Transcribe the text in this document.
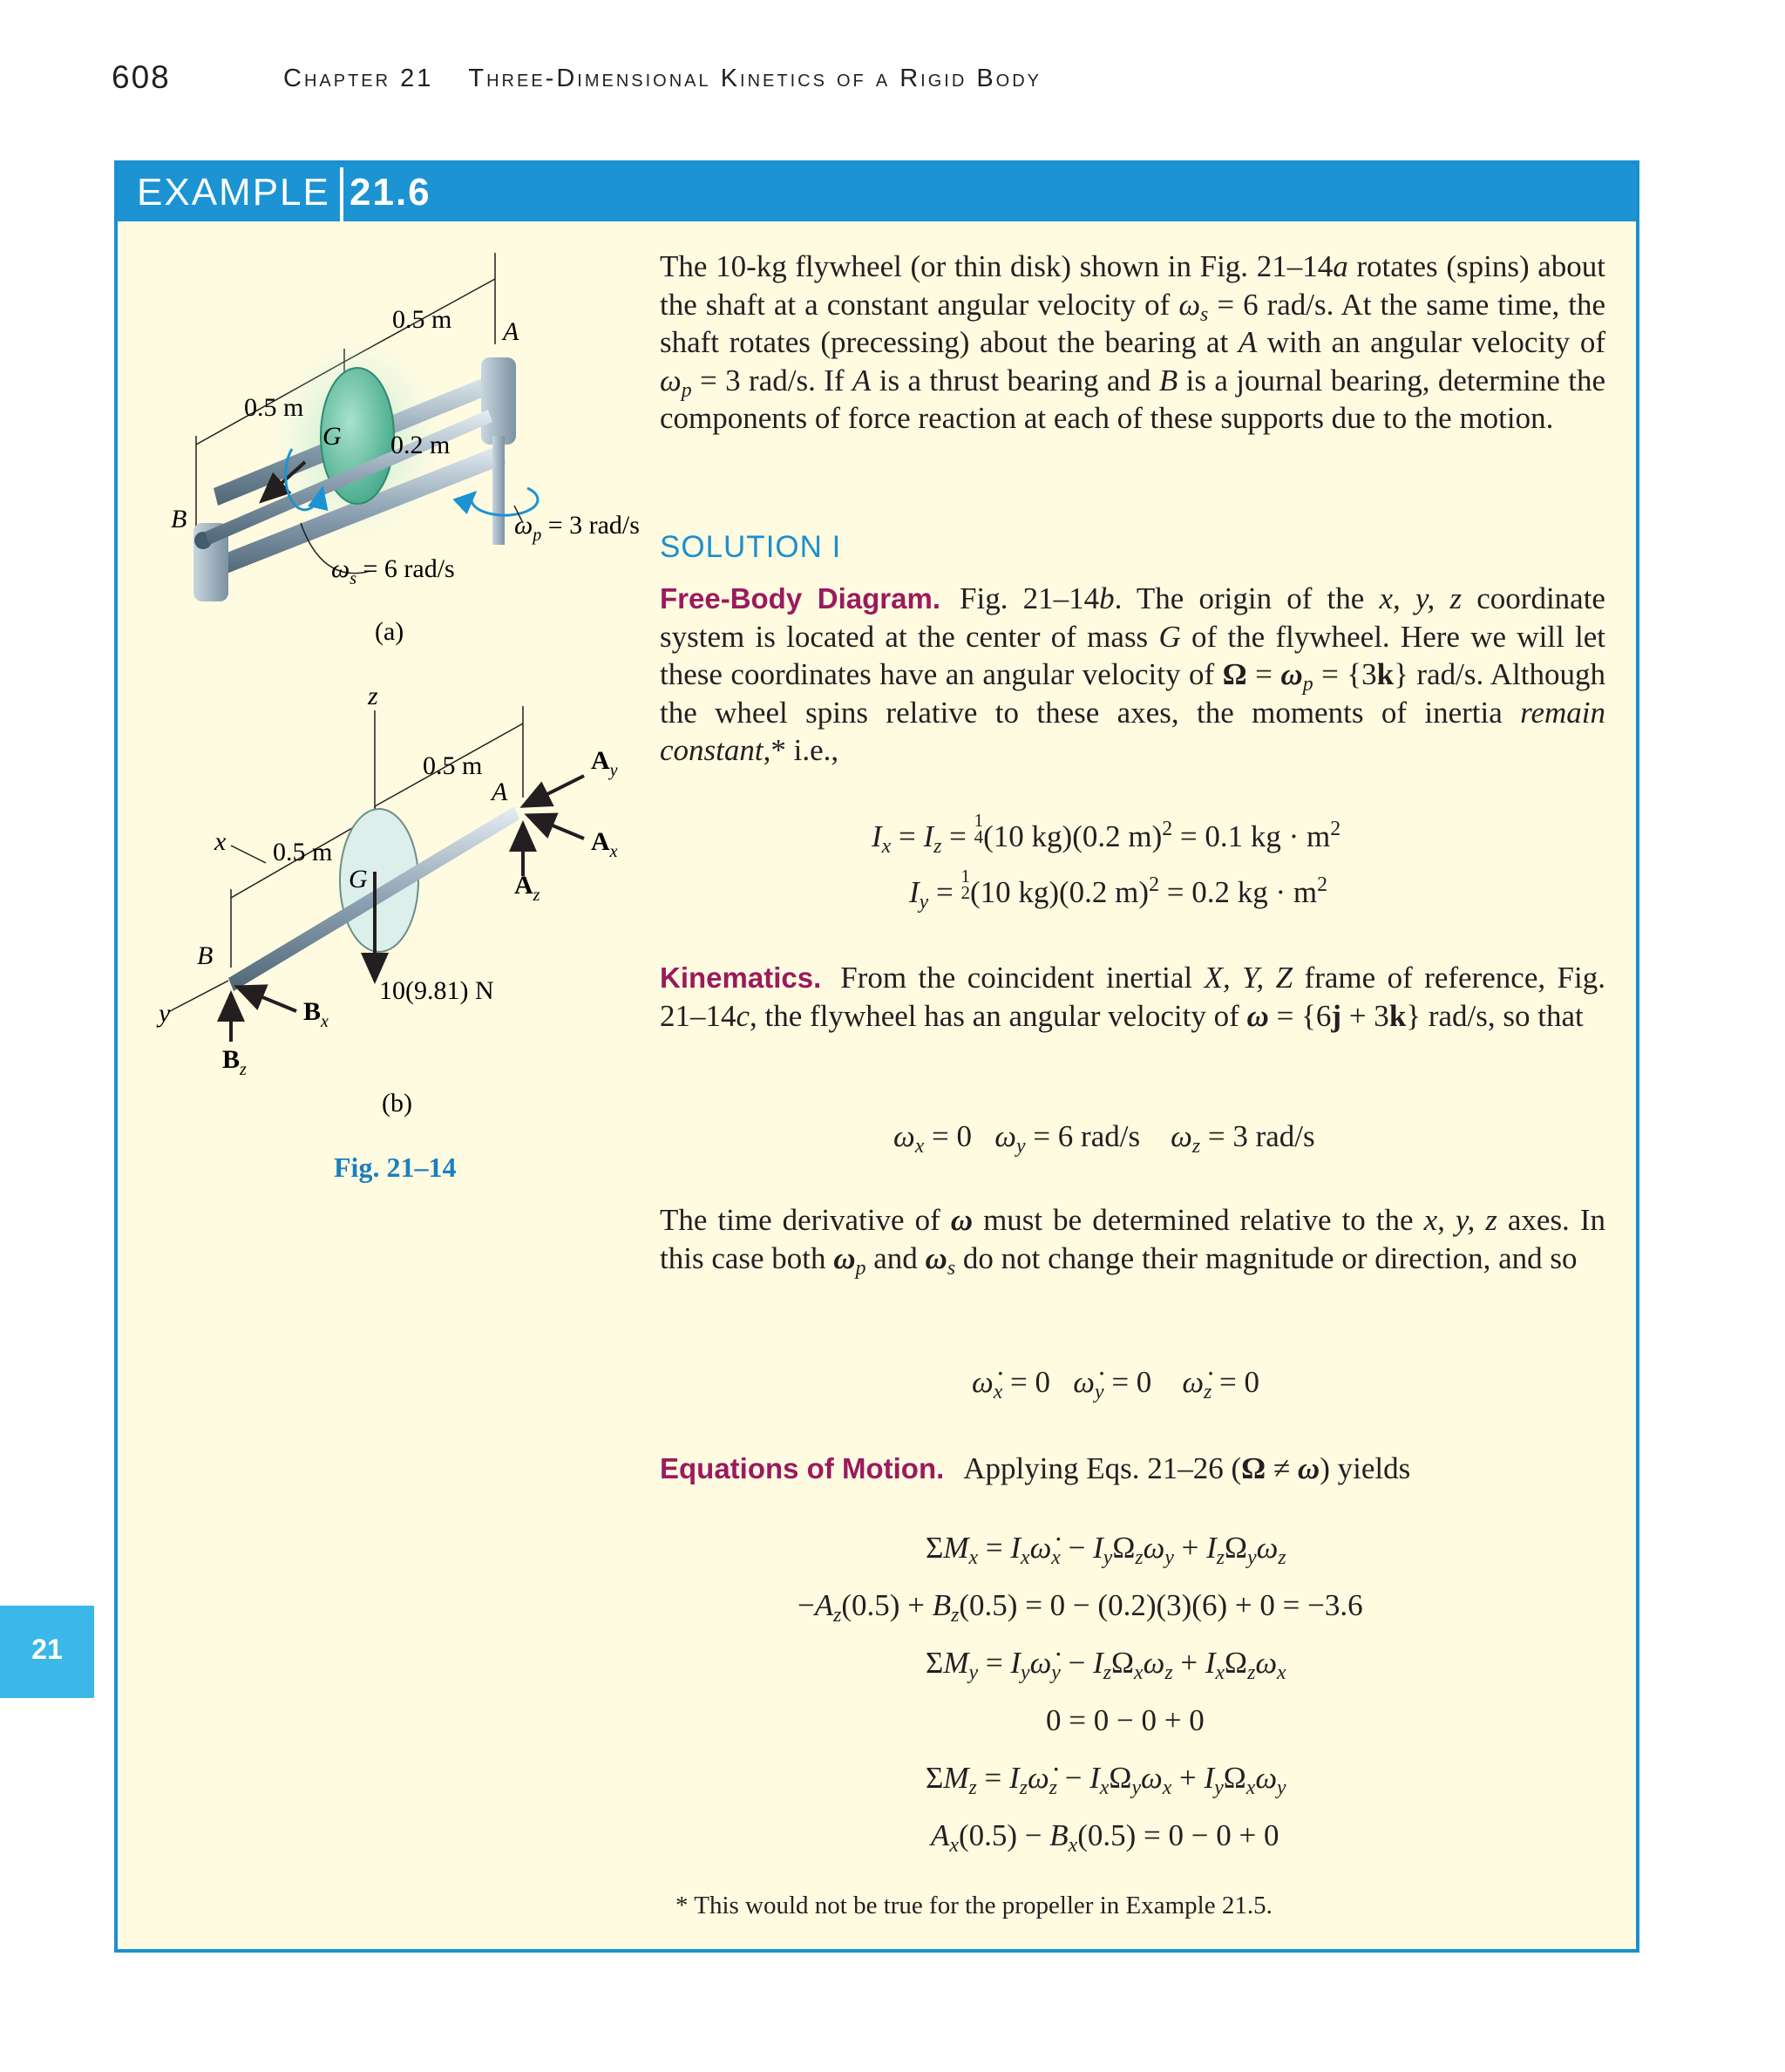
608	Chapter 21 Three-Dimensional Kinetics of a Rigid Body
EXAMPLE 21.6
0.5 m
0.5 m
0.2 m
A
B
G
$\omega_p = 3$ rad/s
$\omega_s = 6$ rad/s
(a)
z
x
y
10(9.81) N
$A_y$
$A_x$
$A_z$
$B_x$
$B_z$
0.5 m
0.5 m
A
B
G
(b)
Fig. 21–14
The 10-kg flywheel (or thin disk) shown in Fig. 21–14a rotates (spins) about the shaft at a constant angular velocity of $\omega_s = 6$ rad/s. At the same time, the shaft rotates (precessing) about the bearing at A with an angular velocity of $\omega_p = 3$ rad/s. If A is a thrust bearing and B is a journal bearing, determine the components of force reaction at each of these supports due to the motion.
SOLUTION I
Free-Body Diagram. Fig. 21–14b. The origin of the x, y, z coordinate system is located at the center of mass G of the flywheel. Here we will let these coordinates have an angular velocity of $\Omega = \omega_p = \{3k\}$ rad/s. Although the wheel spins relative to these axes, the moments of inertia remain constant,* i.e.,
$I_x = I_z = 1$
4(10 kg)(0.2 m)$^2$ = 0.1 kg · $m^2$
$I_y = 1$
2(10 kg)(0.2 m)$^2$ = 0.2 kg · $m^2$
Kinematics. From the coincident inertial X, Y, Z frame of reference, Fig. 21–14c, the flywheel has an angular velocity of ω = {6j + 3k} rad/s, so that
$\omega_x = 0$ $\omega_y = 6$ rad/s $\omega_z = 3$ rad/s
The time derivative of ω must be determined relative to the x, y, z axes. In this case both $\omega_p$ and $\omega_s$ do not change their magnitude or direction, and so
$\omegȧ_x = 0$ $\omegȧ_y = 0$ $\omegȧ_z = 0$
Equations of Motion. Applying Eqs. 21–26 (Ω ≠ ω) yields
$\Sigma M_x$ = $I_x\omegȧ_x - I_y\Omega_z\omega_y + I_z\Omega_y\omega_z$
$-A_z(0.5) + B_z(0.5) = 0 - (0.2)(3)(6) + 0 = -3.6$
$\Sigma M_y$ = $I_y\omegȧ_y - I_z\Omega_x\omega_z + I_x\Omega_z\omega_x$
0 = 0 − 0 + 0
$\Sigma M_z$ = $I_z\omegȧ_z - I_x\Omega_y\omega_x + I_y\Omega_x\omega_y$
$A_x(0.5) - B_x(0.5) = 0 - 0 + 0$
* This would not be true for the propeller in Example 21.5.
21
